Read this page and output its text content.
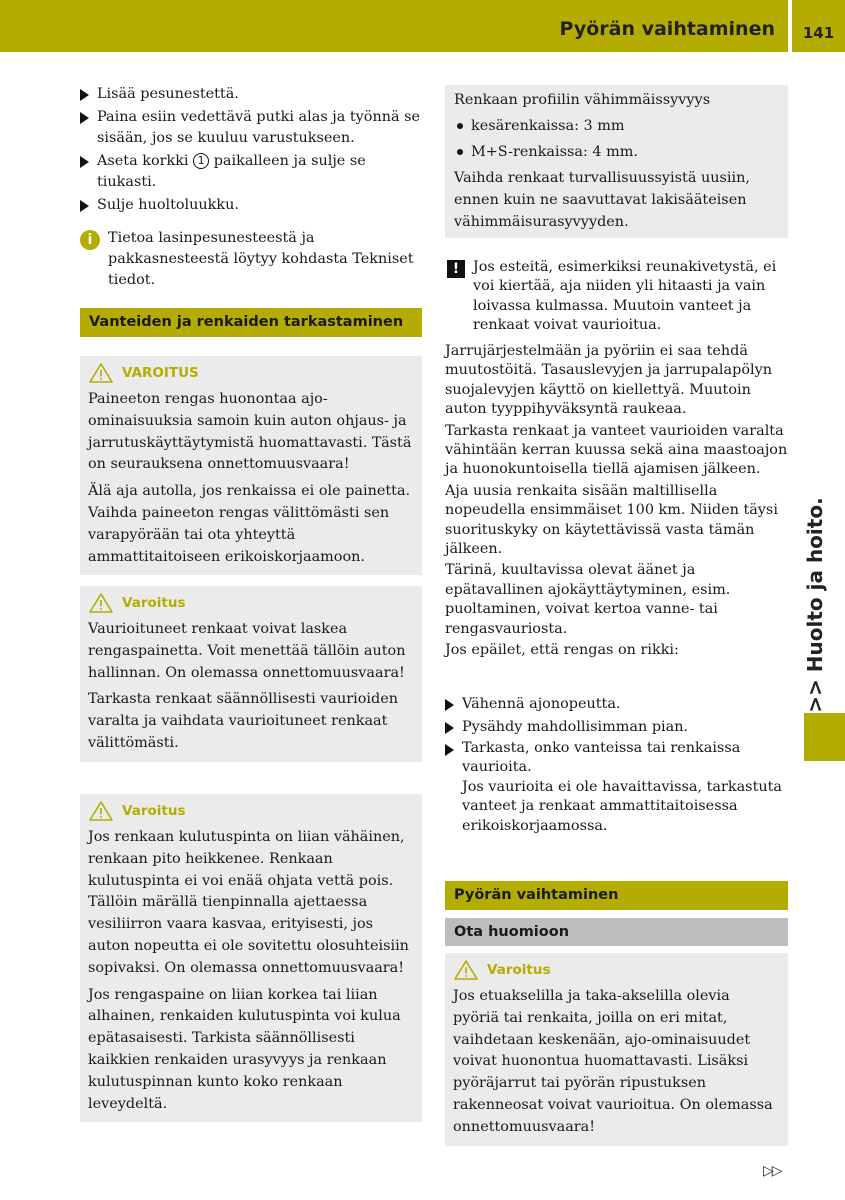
Pyörän vaihtaminen	141
>> Huolto ja hoito.
Lisää pesunestettä.
Paina esiin vedettävä putki alas ja työnnä se sisään, jos se kuuluu varustukseen.
Aseta korkki 1 paikalleen ja sulje se tiukasti.
Sulje huoltoluukku.
i	Tietoa lasinpesunesteestä ja pakkasnesteestä löytyy kohdasta Tekniset tiedot.
Vanteiden ja renkaiden tarkastaminen
VAROITUS

Paineeton rengas huonontaa ajo-ominaisuuksia samoin kuin auton ohjaus- ja jarrutuskäyttäytymistä huomattavasti. Tästä on seurauksena onnettomuusvaara!

Älä aja autolla, jos renkaissa ei ole painetta. Vaihda paineeton rengas välittömästi sen varapyörään tai ota yhteyttä ammattitaitoiseen erikoiskorjaamoon.

Varoitus

Vaurioituneet renkaat voivat laskea rengaspainetta. Voit menettää tällöin auton hallinnan. On olemassa onnettomuusvaara!

Tarkasta renkaat säännöllisesti vaurioiden varalta ja vaihdata vaurioituneet renkaat välittömästi.

Varoitus

Jos renkaan kulutuspinta on liian vähäinen, renkaan pito heikkenee. Renkaan kulutuspinta ei voi enää ohjata vettä pois. Tällöin märällä tienpinnalla ajettaessa vesiliirron vaara kasvaa, erityisesti, jos auton nopeutta ei ole sovitettu olosuhteisiin sopivaksi. On olemassa onnettomuusvaara!

Jos rengaspaine on liian korkea tai liian alhainen, renkaiden kulutuspinta voi kulua epätasaisesti. Tarkista säännöllisesti kaikkien renkaiden urasyvyys ja renkaan kulutuspinnan kunto koko renkaan leveydeltä.

Renkaan profiilin vähimmäissyvyys

kesärenkaissa: 3 mm
M+S-renkaissa: 4 mm.

Vaihda renkaat turvallisuussyistä uusiin, ennen kuin ne saavuttavat lakisääteisen vähimmäisurasyvyyden.

! Jos esteitä, esimerkiksi reunakivetystä, ei voi kiertää, aja niiden yli hitaasti ja vain loivassa kulmassa. Muutoin vanteet ja renkaat voivat vaurioitua.

Jarrujärjestelmään ja pyöriin ei saa tehdä muutostöitä. Tasauslevyjen ja jarrupalapölyn suojalevyjen käyttö on kiellettyä. Muutoin auton tyyppihyväksyntä raukeaa.

Tarkasta renkaat ja vanteet vaurioiden varalta vähintään kerran kuussa sekä aina maastoajon ja huonokuntoisella tiellä ajamisen jälkeen.

Aja uusia renkaita sisään maltillisella nopeudella ensimmäiset 100 km. Niiden täysi suorituskyky on käytettävissä vasta tämän jälkeen.

Tärinä, kuultavissa olevat äänet ja epätavallinen ajokäyttäytyminen, esim. puoltaminen, voivat kertoa vanne- tai rengasvauriosta.

Jos epäilet, että rengas on rikki:

Vähennä ajonopeutta.
Pysähdy mahdollisimman pian.
Tarkasta, onko vanteissa tai renkaissa vaurioita.
Jos vaurioita ei ole havaittavissa, tarkastuta vanteet ja renkaat ammattitaitoisessa erikoiskorjaamossa.
Pyörän vaihtaminen
Ota huomioon
Varoitus

Jos etuakselilla ja taka-akselilla olevia pyöriä tai renkaita, joilla on eri mitat, vaihdetaan keskenään, ajo-ominaisuudet voivat huonontua huomattavasti. Lisäksi pyöräjarrut tai pyörän ripustuksen rakenneosat voivat vaurioitua. On olemassa onnettomuusvaara!

▷▷
